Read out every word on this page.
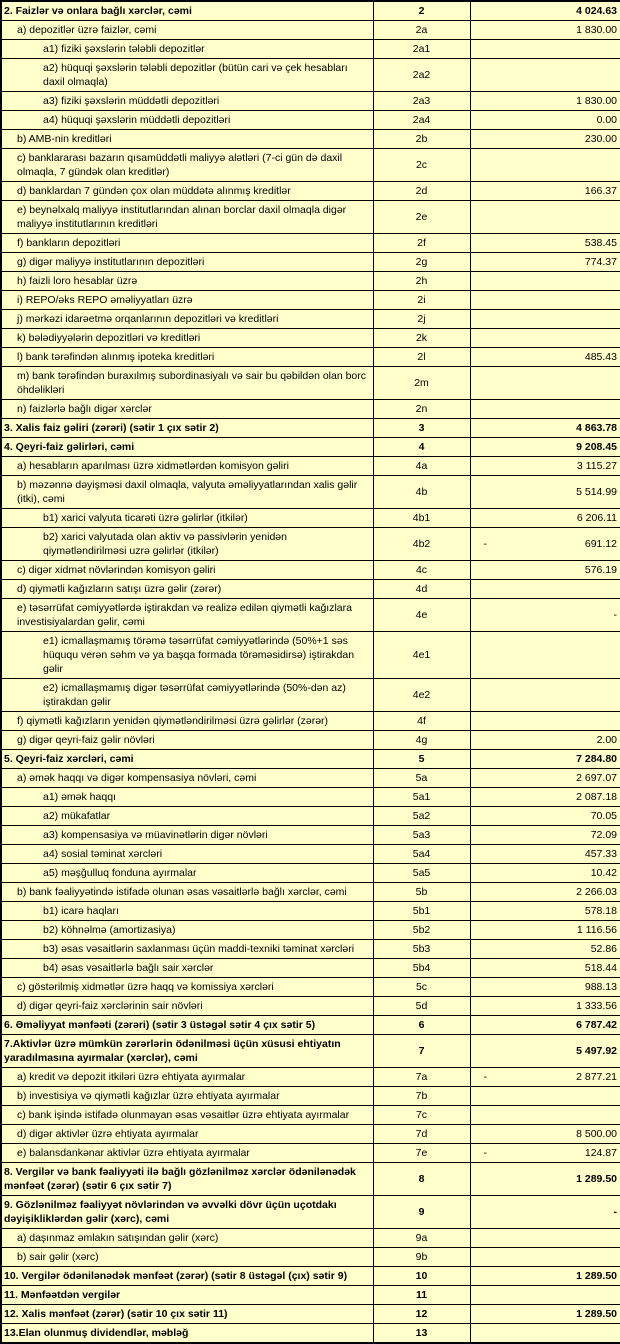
2. Faizlər və onlara bağlı xərclər, cəmi	2	4 024.63

a) depozitlər üzrə faizlər, cəmi	2a	1 830.00

a1) fiziki şəxslərin tələbli depozitlər	2a1	

a2) hüquqi şəxslərin tələbli depozitlər (bütün cari və çek hesabları daxil olmaqla)	2a2	

a3) fiziki şəxslərin müddətli depozitləri	2a3	1 830.00

a4) hüquqi şəxslərin müddətli depozitləri	2a4	0.00

b) AMB-nin kreditləri	2b	230.00

c) banklararası bazarın qısamüddətli maliyyə alətləri (7-ci gün də daxil olmaqla, 7 gündək olan kreditlər)	2c	

d) banklardan 7 gündən çox olan müddətə alınmış kreditlər	2d	166.37

e) beynəlxalq maliyyə institutlarından alınan borclar daxil olmaqla digər maliyyə institutlarının kreditləri	2e	

f) bankların depozitləri	2f	538.45

g) digər maliyyə institutlarının depozitləri	2g	774.37

h) faizli loro hesablar üzrə	2h	

i) REPO/əks REPO əməliyyatları üzrə	2i	

j) mərkəzi idarəetmə orqanlarının depozitləri və kreditləri	2j	

k) bələdiyyələrin depozitləri və kreditləri	2k	

l) bank tərəfindən alınmış ipoteka kreditləri	2l	485.43

m) bank tərəfindən buraxılmış subordinasiyalı və sair bu qəbildən olan borc öhdəlikləri	2m	

n) faizlərlə bağlı digər xərclər	2n	

3. Xalis faiz gəliri (zərəri) (sətir 1 çıx sətir 2)	3	4 863.78

4. Qeyri-faiz gəlirləri, cəmi	4	9 208.45

a) hesabların aparılması üzrə xidmətlərdən komisyon gəliri	4a	3 115.27

b) məzənnə dəyişməsi daxil olmaqla, valyuta əməliyyatlarından xalis gəlir (itki), cəmi	4b	5 514.99

b1) xarici valyuta ticarəti üzrə gəlirlər (itkilər)	4b1	6 206.11

b2) xarici valyutada olan aktiv və passivlərin yenidən qiymətləndirilməsi uzrə gəlirlər (itkilər)	4b2	- 691.12

c) digər xidmət növlərindən komisyon gəliri	4c	576.19

d) qiymətli kağızların satışı üzrə gəlir (zərər)	4d	

e) təsərrüfat cəmiyyətlərdə iştirakdan və realizə edilən qiymətli kağızlara investisiyalardan gəlir, cəmi	4e	-

e1) icmallaşmamış törəmə təsərrüfat cəmiyyətlərində (50%+1 səs hüququ verən səhm və ya başqa formada törəməsidirsə) iştirakdan gəlir	4e1	

e2) icmallaşmamış digər təsərrüfat cəmiyyətlərində (50%-dən az) iştirakdan gəlir	4e2	

f) qiymətli kağızların yenidən qiymətləndirilməsi üzrə gəlirlər (zərər)	4f	

g) digər qeyri-faiz gəlir növləri	4g	2.00

5. Qeyri-faiz xərcləri, cəmi	5	7 284.80

a) əmək haqqı və digər kompensasiya növləri, cəmi	5a	2 697.07

a1) əmək haqqı	5a1	2 087.18

a2) mükafatlar	5a2	70.05

a3) kompensasiya və müavinətlərin digər növləri	5a3	72.09

a4) sosial təminat xərcləri	5a4	457.33

a5) məşğulluq fonduna ayırmalar	5a5	10.42

b) bank fəaliyyətində istifadə olunan əsas vəsaitlərlə bağlı xərclər, cəmi	5b	2 266.03

b1) icarə haqları	5b1	578.18

b2) köhnəlmə (amortizasiya)	5b2	1 116.56

b3) əsas vəsaitlərin saxlanması üçün maddi-texniki təminat xərcləri	5b3	52.86

b4) əsas vəsaitlərlə bağlı sair xərclər	5b4	518.44

c) göstərilmiş xidmətlər üzrə haqq və komissiya xərcləri	5c	988.13

d) digər qeyri-faiz xərclərinin sair növləri	5d	1 333.56

6. Əməliyyat mənfəəti (zərəri) (sətir 3 üstəgəl sətir 4 çıx sətir 5)	6	6 787.42

7.Aktivlər üzrə mümkün zərərlərin ödənilməsi üçün xüsusi ehtiyatın yaradılmasına ayırmalar (xərclər), cəmi	7	5 497.92

a) kredit və depozit itkiləri üzrə ehtiyata ayırmalar	7a	- 2 877.21

b) investisiya və qiymətli kağızlar üzrə ehtiyata ayırmalar	7b	

c) bank işində istifadə olunmayan əsas vəsaitlər üzrə ehtiyata ayırmalar	7c	

d) digər aktivlər üzrə ehtiyata ayırmalar	7d	8 500.00

e) balansdankənar aktivlər üzrə ehtiyata ayırmalar	7e	- 124.87

8. Vergilər və bank fəaliyyəti ilə bağlı gözlənilməz xərclər ödənilənədək mənfəət (zərər) (sətir 6 çıx sətir 7)	8	1 289.50

9. Gözlənilməz fəaliyyət növlərindən və əvvəlki dövr üçün uçotdakı dəyişikliklərdən gəlir (xərc), cəmi	9	-

a) daşınmaz əmlakın satışından gəlir (xərc)	9a	

b) sair gəlir (xərc)	9b	

10. Vergilər ödənilənədək mənfəət (zərər) (sətir 8 üstəgəl (çıx) sətir 9)	10	1 289.50

11. Mənfəətdən vergilər	11	

12. Xalis mənfəət (zərər) (sətir 10 çıx sətir 11)	12	1 289.50

13.Elan olunmuş dividendlər, məbləğ	13	
